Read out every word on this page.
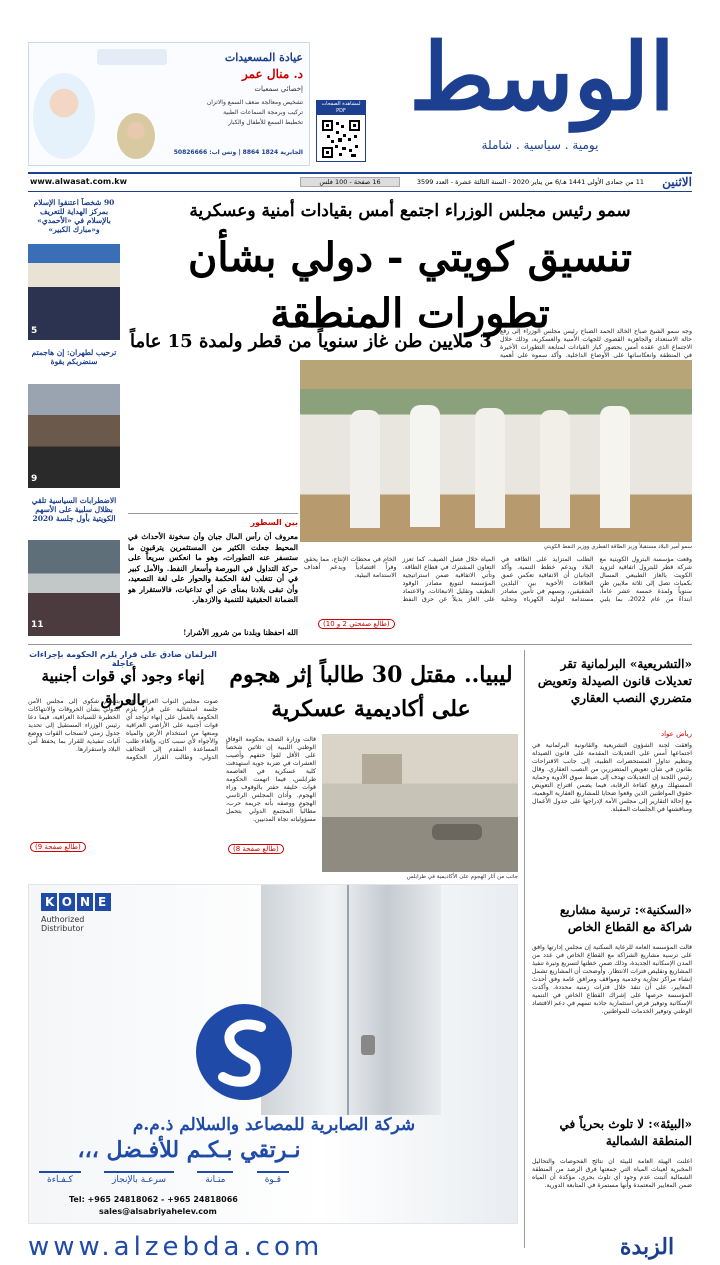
الوسط
يومية . سياسية . شاملة
لمشاهدة الصفحات PDF
عيادة المسعيدات
د. منال عمر
إخصائي سمعيات
تشخيص ومعالجة ضعف السمع والاتزان
تركيب وبرمجة السماعات الطبية
تخطيط السمع للأطفال والكبار
الجابرية 1824 8864 | وتس اب: 50826666
الاثنين
11 من جمادى الأولى 1441 هـ/6 من يناير 2020 - السنة الثالثة عشرة - العدد 3599
16 صفحة - 100 فلس
www.alwasat.com.kw
90 شخصاً اعتنقوا الإسلام بمركز الهداية للتعريف بالإسلام في «الأحمدي» و«مبارك الكبير»
5
ترحيب لطهران: إن هاجمتم سنضربكم بقوة
9
الاضطرابات السياسية تلقي بظلال سلبية على الأسهم الكويتية بأول جلسة 2020
11
سمو رئيس مجلس الوزراء اجتمع أمس بقيادات أمنية وعسكرية
تنسيق كويتي - دولي بشأن تطورات المنطقة	وجه سمو الشيخ صباح الخالد الحمد الصباح رئيس مجلس الوزراء إلى رفع حالة الاستعداد والجاهزية القصوى للجهات الأمنية والعسكرية، وذلك خلال الاجتماع الذي عقده أمس بحضور كبار القيادات لمتابعة التطورات الأخيرة في المنطقة وانعكاساتها على الأوضاع الداخلية. وأكد سموه على أهمية
3 ملايين طن غاز سنوياً من قطر ولمدة 15 عاماً
سمو أمير البلاد مستقبلاً وزير الطاقة القطري ووزير النفط الكويتي
بين السطور
معروف أن رأس المال جبان وأن سخونة الأحداث في المحيط جعلت الكثير من المستثمرين يترقبون ما ستسفر عنه التطورات، وهو ما انعكس سريعاً على حركة التداول في البورصة وأسعار النفط. والأمل كبير في أن تتغلب لغة الحكمة والحوار على لغة التصعيد، وأن تبقى بلادنا بمنأى عن أي تداعيات، فالاستقرار هو الضمانة الحقيقية للتنمية والازدهار.
الله احفظنا وبلدنا من شرور الأشرار!
وقعت مؤسسة البترول الكويتية مع شركة قطر للبترول اتفاقية لتزويد الكويت بالغاز الطبيعي المسال بكميات تصل إلى ثلاثة ملايين طن سنوياً ولمدة خمسة عشر عاماً، ابتداءً من عام 2022، بما يلبي الطلب المتزايد على الطاقة في البلاد ويدعم خطط التنمية. وأكد الجانبان أن الاتفاقية تعكس عمق العلاقات الأخوية بين البلدين الشقيقين، وتسهم في تأمين مصادر مستدامة لتوليد الكهرباء وتحلية المياه خلال فصل الصيف، كما تعزز التعاون المشترك في قطاع الطاقة. وتأتي الاتفاقية ضمن استراتيجية المؤسسة لتنويع مصادر الوقود النظيف وتقليل الانبعاثات، والاعتماد على الغاز بديلاً عن حرق النفط الخام في محطات الإنتاج، مما يحقق وفراً اقتصادياً ويدعم أهداف الاستدامة البيئية.
(طالع صفحتي 2 و 10)
البرلمان صادق على قرار يلزم الحكومة بإجراءات عاجلة
إنهاء وجود أي قوات أجنبية بالعراق
صوت مجلس النواب العراقي في جلسة استثنائية على قرار يلزم الحكومة بالعمل على إنهاء تواجد أي قوات أجنبية على الأراضي العراقية ومنعها من استخدام الأرض والمياه والأجواء لأي سبب كان، وإلغاء طلب المساعدة المقدم إلى التحالف الدولي. وطالب القرار الحكومة بتقديم شكوى إلى مجلس الأمن الدولي بشأن الخروقات والانتهاكات الخطيرة للسيادة العراقية، فيما دعا رئيس الوزراء المستقيل إلى تحديد جدول زمني لانسحاب القوات ووضع آليات تنفيذية للقرار بما يحفظ أمن البلاد واستقرارها.
(طالع صفحة 9)
ليبيا.. مقتل 30 طالباً إثر هجوم على أكاديمية عسكرية
جانب من آثار الهجوم على الأكاديمية في طرابلس
قالت وزارة الصحة بحكومة الوفاق الوطني الليبية إن ثلاثين شخصاً على الأقل لقوا حتفهم وأصيب العشرات في ضربة جوية استهدفت كلية عسكرية في العاصمة طرابلس، فيما اتهمت الحكومة قوات خليفة حفتر بالوقوف وراء الهجوم. وأدان المجلس الرئاسي الهجوم ووصفه بأنه جريمة حرب، مطالباً المجتمع الدولي بتحمل مسؤولياته تجاه المدنيين.
(طالع صفحة 8)
«التشريعية» البرلمانية تقر تعديلات قانون الصيدلة وتعويض متضرري النصب العقاري
رياض عواد
وافقت لجنة الشؤون التشريعية والقانونية البرلمانية في اجتماعها أمس على التعديلات المقدمة على قانون الصيدلة وتنظيم تداول المستحضرات الطبية، إلى جانب الاقتراحات بقانون في شأن تعويض المتضررين من النصب العقاري. وقال رئيس اللجنة إن التعديلات تهدف إلى ضبط سوق الأدوية وحماية المستهلك ورفع كفاءة الرقابة، فيما يضمن اقتراح التعويض حقوق المواطنين الذين وقعوا ضحايا للمشاريع العقارية الوهمية، مع إحالة التقارير إلى مجلس الأمة لإدراجها على جدول الأعمال ومناقشتها في الجلسات المقبلة.
«السكنية»: ترسية مشاريع شراكة مع القطاع الخاص
قالت المؤسسة العامة للرعاية السكنية إن مجلس إدارتها وافق على ترسية مشاريع الشراكة مع القطاع الخاص في عدد من المدن الإسكانية الجديدة، وذلك ضمن خطتها لتسريع وتيرة تنفيذ المشاريع وتقليص فترات الانتظار. وأوضحت أن المشاريع تشمل إنشاء مراكز تجارية وخدمية ومواقف ومرافق عامة وفق أحدث المعايير، على أن تنفذ خلال فترات زمنية محددة. وأكدت المؤسسة حرصها على إشراك القطاع الخاص في التنمية الإسكانية وتوفير فرص استثمارية جاذبة تسهم في دعم الاقتصاد الوطني وتوفير الخدمات للمواطنين.
«البيئة»: لا تلوث بحرياً في المنطقة الشمالية
أعلنت الهيئة العامة للبيئة أن نتائج الفحوصات والتحاليل المخبرية لعينات المياه التي جمعتها فرق الرصد من المنطقة الشمالية أثبتت عدم وجود أي تلوث بحري، مؤكدة أن المياه ضمن المعايير المعتمدة وأنها مستمرة في المتابعة الدورية.
KONE
Authorized
Distributor
شركة الصابرية للمصاعد والسلالم ذ.م.م
نـرتقي بـكـم للأفـضل ،،،
قـوة
متـانة
سرعـة بالإنجاز
كـفـاءة
Tel: +965 24818062 - +965 24818066
sales@alsabriyahelev.com
www.alzebda.com	الزبدة
